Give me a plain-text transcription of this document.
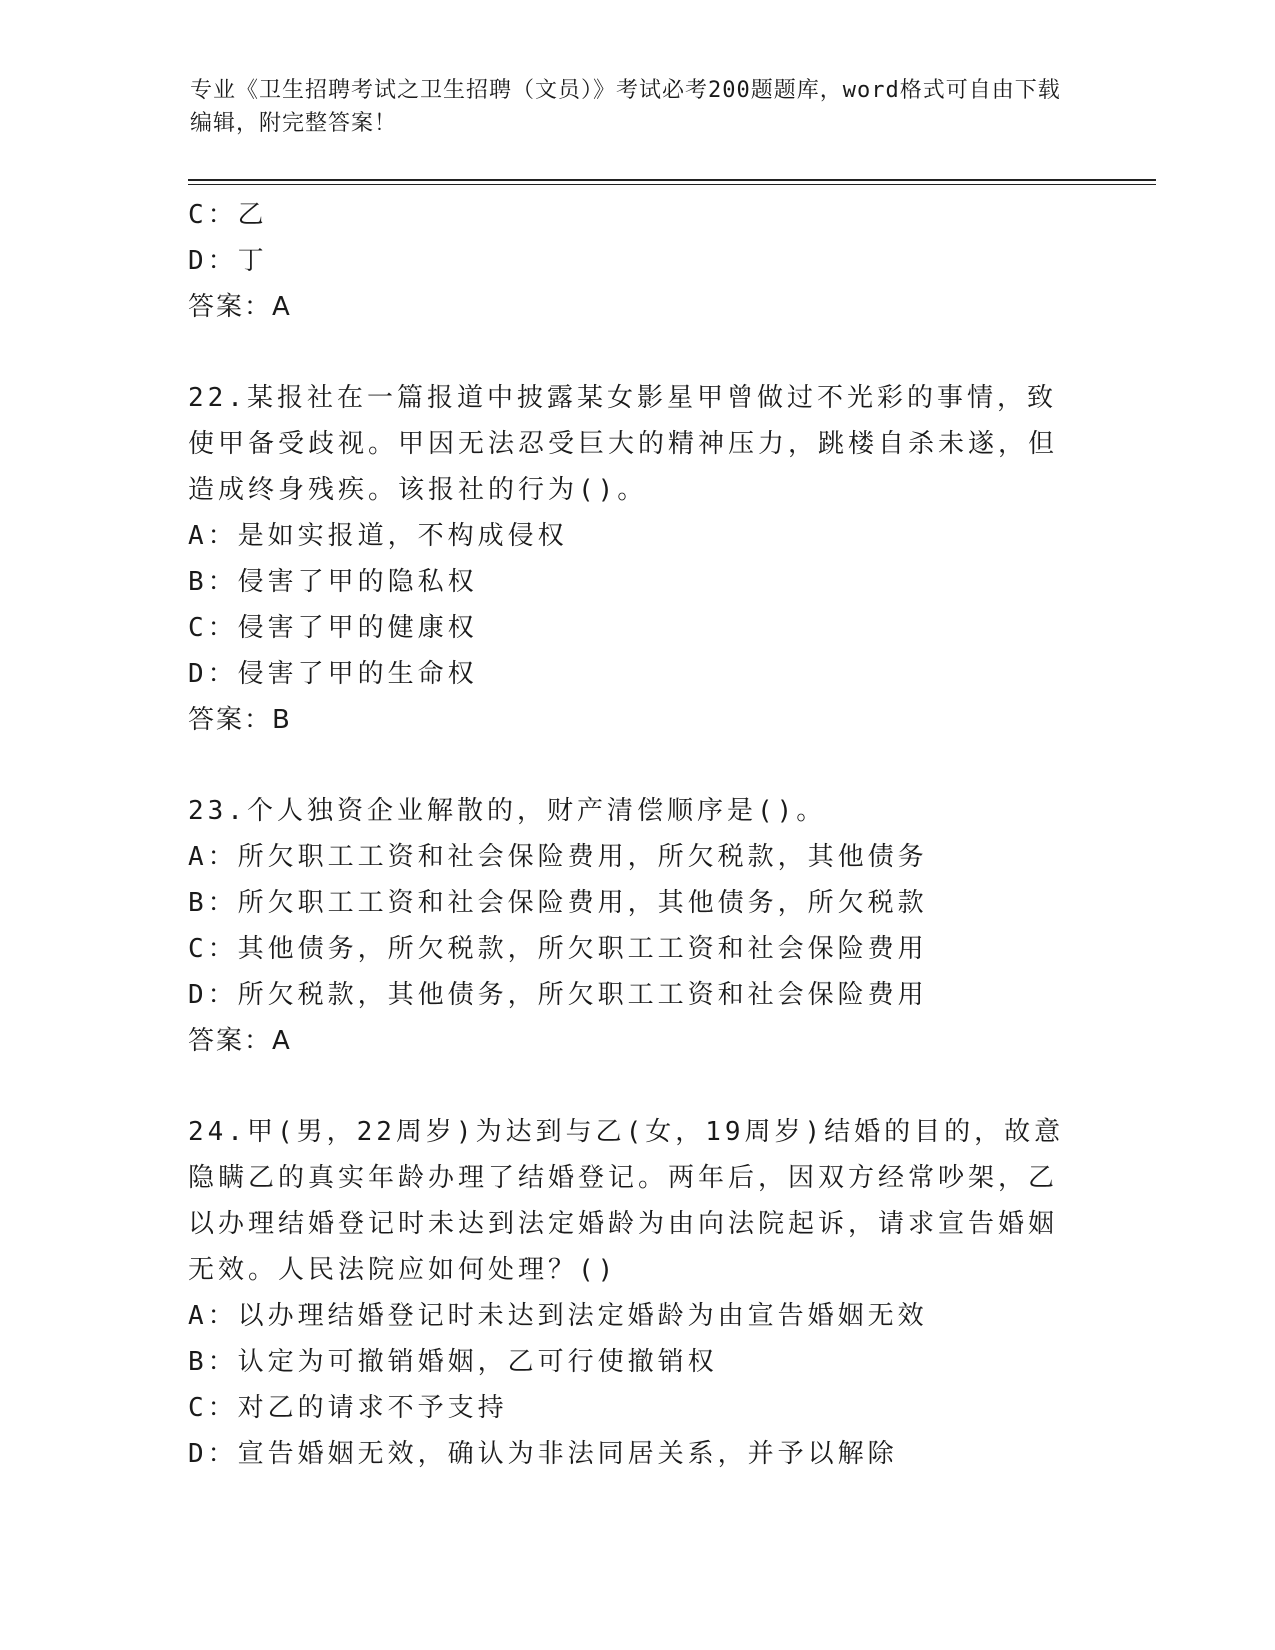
专业《卫生招聘考试之卫生招聘（文员）》考试必考200题题库，word格式可自由下载编辑，附完整答案！
C：乙
D：丁
答案：A
22.某报社在一篇报道中披露某女影星甲曾做过不光彩的事情，致使甲备受歧视。甲因无法忍受巨大的精神压力，跳楼自杀未遂，但造成终身残疾。该报社的行为()。
A：是如实报道，不构成侵权
B：侵害了甲的隐私权
C：侵害了甲的健康权
D：侵害了甲的生命权
答案：B
23.个人独资企业解散的，财产清偿顺序是()。
A：所欠职工工资和社会保险费用，所欠税款，其他债务
B：所欠职工工资和社会保险费用，其他债务，所欠税款
C：其他债务，所欠税款，所欠职工工资和社会保险费用
D：所欠税款，其他债务，所欠职工工资和社会保险费用
答案：A
24.甲(男，22周岁)为达到与乙(女，19周岁)结婚的目的，故意隐瞒乙的真实年龄办理了结婚登记。两年后，因双方经常吵架，乙以办理结婚登记时未达到法定婚龄为由向法院起诉，请求宣告婚姻无效。人民法院应如何处理？()
A：以办理结婚登记时未达到法定婚龄为由宣告婚姻无效
B：认定为可撤销婚姻，乙可行使撤销权
C：对乙的请求不予支持
D：宣告婚姻无效，确认为非法同居关系，并予以解除
